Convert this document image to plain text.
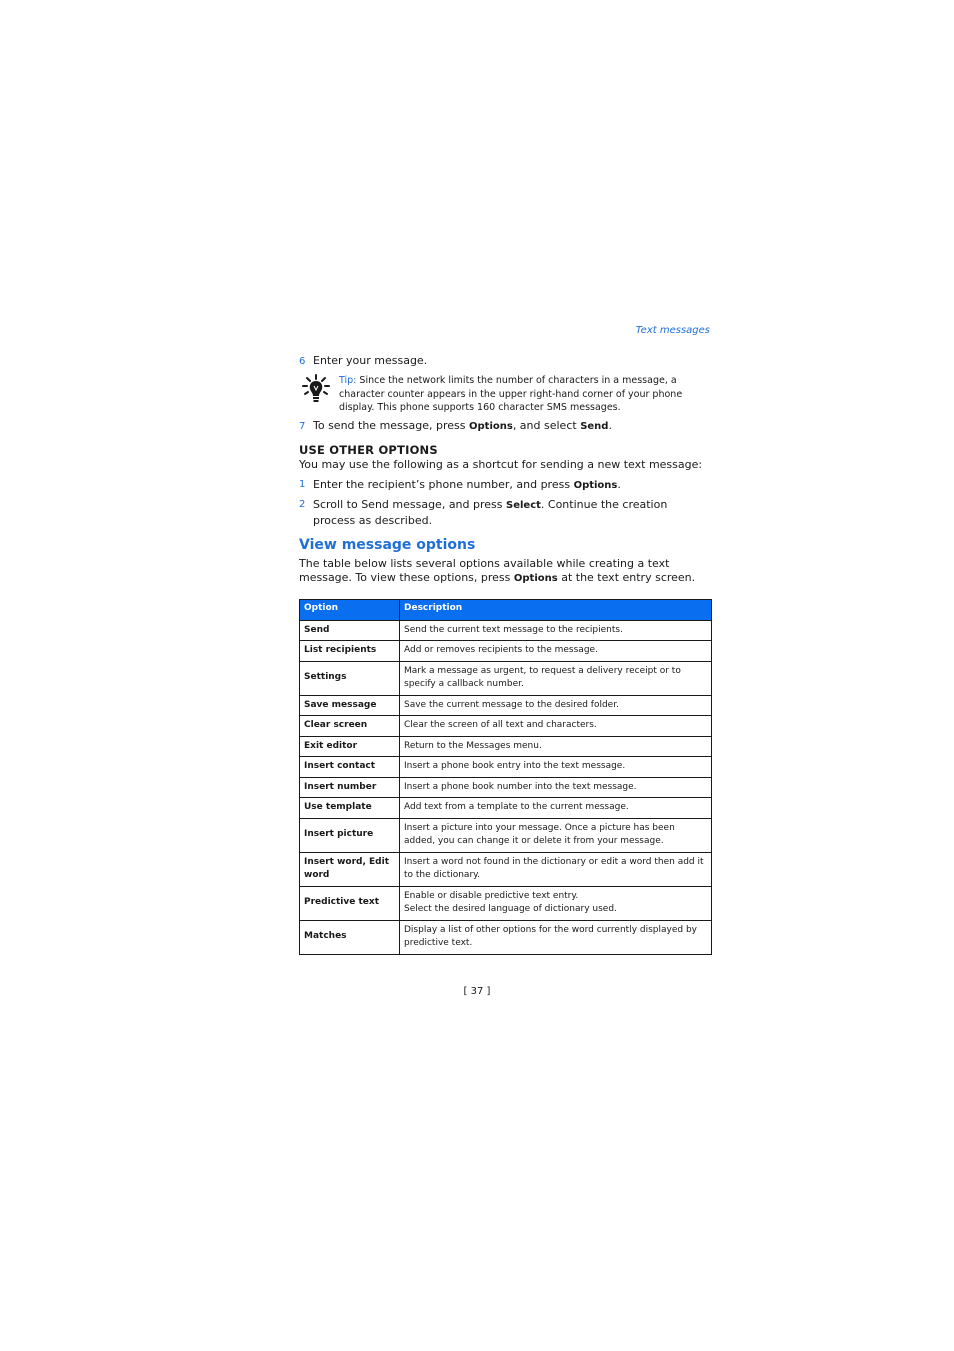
Text messages

6 Enter your message.

Tip: Since the network limits the number of characters in a message, a character counter appears in the upper right-hand corner of your phone display. This phone supports 160 character SMS messages.

7 To send the message, press Options, and select Send.

USE OTHER OPTIONS

You may use the following as a shortcut for sending a new text message:

1 Enter the recipient’s phone number, and press Options.

2 Scroll to Send message, and press Select. Continue the creation process as described.

View message options

The table below lists several options available while creating a text message. To view these options, press Options at the text entry screen.

Option	Description
Send	Send the current text message to the recipients.
List recipients	Add or removes recipients to the message.
Settings	Mark a message as urgent, to request a delivery receipt or to specify a callback number.
Save message	Save the current message to the desired folder.
Clear screen	Clear the screen of all text and characters.
Exit editor	Return to the Messages menu.
Insert contact	Insert a phone book entry into the text message.
Insert number	Insert a phone book number into the text message.
Use template	Add text from a template to the current message.
Insert picture	Insert a picture into your message. Once a picture has been added, you can change it or delete it from your message.
Insert word, Edit word	Insert a word not found in the dictionary or edit a word then add it to the dictionary.
Predictive text	Enable or disable predictive text entry.
Select the desired language of dictionary used.

Matches	Display a list of other options for the word currently displayed by predictive text.
[ 37 ]
